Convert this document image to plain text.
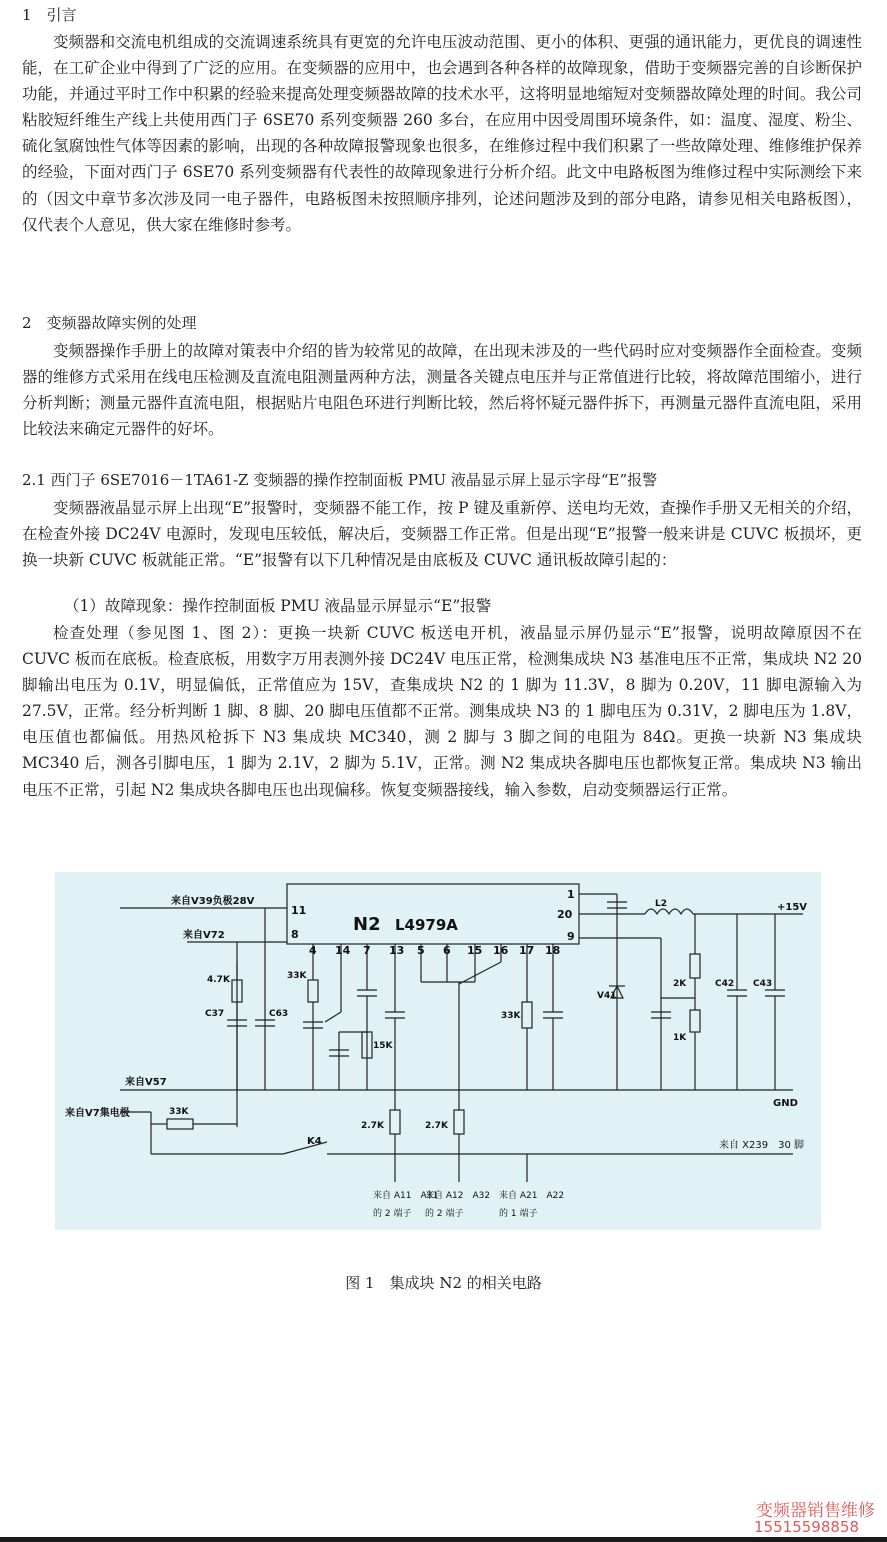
1　引言

变频器和交流电机组成的交流调速系统具有更宽的允许电压波动范围、更小的体积、更强的通讯能力，更优良的调速性能，在工矿企业中得到了广泛的应用。在变频器的应用中，也会遇到各种各样的故障现象，借助于变频器完善的自诊断保护功能，并通过平时工作中积累的经验来提高处理变频器故障的技术水平，这将明显地缩短对变频器故障处理的时间。我公司粘胶短纤维生产线上共使用西门子 6SE70 系列变频器 260 多台，在应用中因受周围环境条件，如：温度、湿度、粉尘、硫化氢腐蚀性气体等因素的影响，出现的各种故障报警现象也很多，在维修过程中我们积累了一些故障处理、维修维护保养的经验，下面对西门子 6SE70 系列变频器有代表性的故障现象进行分析介绍。此文中电路板图为维修过程中实际测绘下来的（因文中章节多次涉及同一电子器件，电路板图未按照顺序排列，论述问题涉及到的部分电路，请参见相关电路板图），仅代表个人意见，供大家在维修时参考。

2　变频器故障实例的处理

变频器操作手册上的故障对策表中介绍的皆为较常见的故障，在出现未涉及的一些代码时应对变频器作全面检查。变频器的维修方式采用在线电压检测及直流电阻测量两种方法，测量各关键点电压并与正常值进行比较，将故障范围缩小，进行分析判断；测量元器件直流电阻，根据贴片电阻色环进行判断比较，然后将怀疑元器件拆下，再测量元器件直流电阻，采用比较法来确定元器件的好坏。

2.1 西门子 6SE7016－1TA61-Z 变频器的操作控制面板 PMU 液晶显示屏上显示字母“E”报警

变频器液晶显示屏上出现“E”报警时，变频器不能工作，按 P 键及重新停、送电均无效，查操作手册又无相关的介绍，在检查外接 DC24V 电源时，发现电压较低，解决后，变频器工作正常。但是出现“E”报警一般来讲是 CUVC 板损坏，更换一块新 CUVC 板就能正常。“E”报警有以下几种情况是由底板及 CUVC 通讯板故障引起的：

（1）故障现象：操作控制面板 PMU 液晶显示屏显示“E”报警

检查处理（参见图 1、图 2）：更换一块新 CUVC 板送电开机，液晶显示屏仍显示“E”报警，说明故障原因不在 CUVC 板而在底板。检查底板，用数字万用表测外接 DC24V 电压正常，检测集成块 N3 基准电压不正常，集成块 N2 20 脚输出电压为 0.1V，明显偏低，正常值应为 15V，查集成块 N2 的 1 脚为 11.3V，8 脚为 0.20V，11 脚电源输入为 27.5V，正常。经分析判断 1 脚、8 脚、20 脚电压值都不正常。测集成块 N3 的 1 脚电压为 0.31V，2 脚电压为 1.8V，电压值也都偏低。用热风枪拆下 N3 集成块 MC340，测 2 脚与 3 脚之间的电阻为 84Ω。更换一块新 N3 集成块 MC340 后，测各引脚电压，1 脚为 2.1V，2 脚为 5.1V，正常。测 N2 集成块各脚电压也都恢复正常。集成块 N3 输出电压不正常，引起 N2 集成块各脚电压也出现偏移。恢复变频器接线，输入参数，启动变频器运行正常。

来自V39负极28V
来自V72
来自V57
来自V7集电极
+15V
GND
K4	来自 X239　30 脚
来自 A11　A31
的 2 端子
来自 A12　A32
的 2 端子
来自 A21　A22
的 1 端子
N2 L4979A
11
8
4 14 7 13 5 6 15 16 17 18
1
20
9
4.7K
C37	C63
33K
15K
33K
33K
2.7K	2.7K
L2
V41
2K
1K
C42 C43

图 1　集成块 N2 的相关电路

变频器销售维修

15515598858
